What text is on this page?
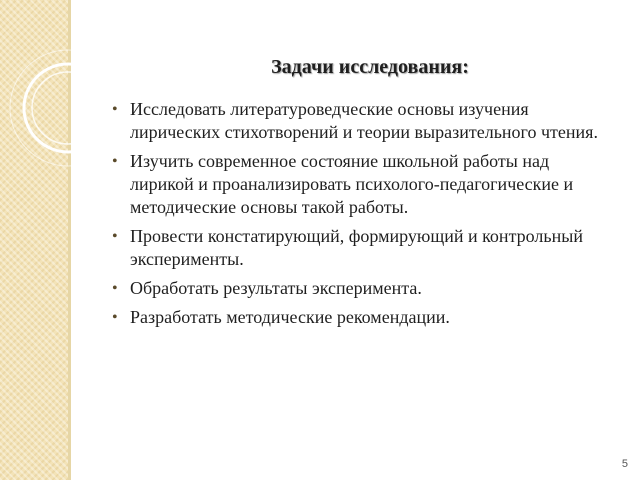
Задачи исследования:
• Исследовать литературоведческие основы изучения лирических стихотворений и теории выразительного чтения.
• Изучить современное состояние школьной работы над лирикой и проанализировать психолого-педагогические и методические основы такой работы.
• Провести констатирующий, формирующий и контрольный эксперименты.
• Обработать результаты эксперимента.
• Разработать методические рекомендации.
5
